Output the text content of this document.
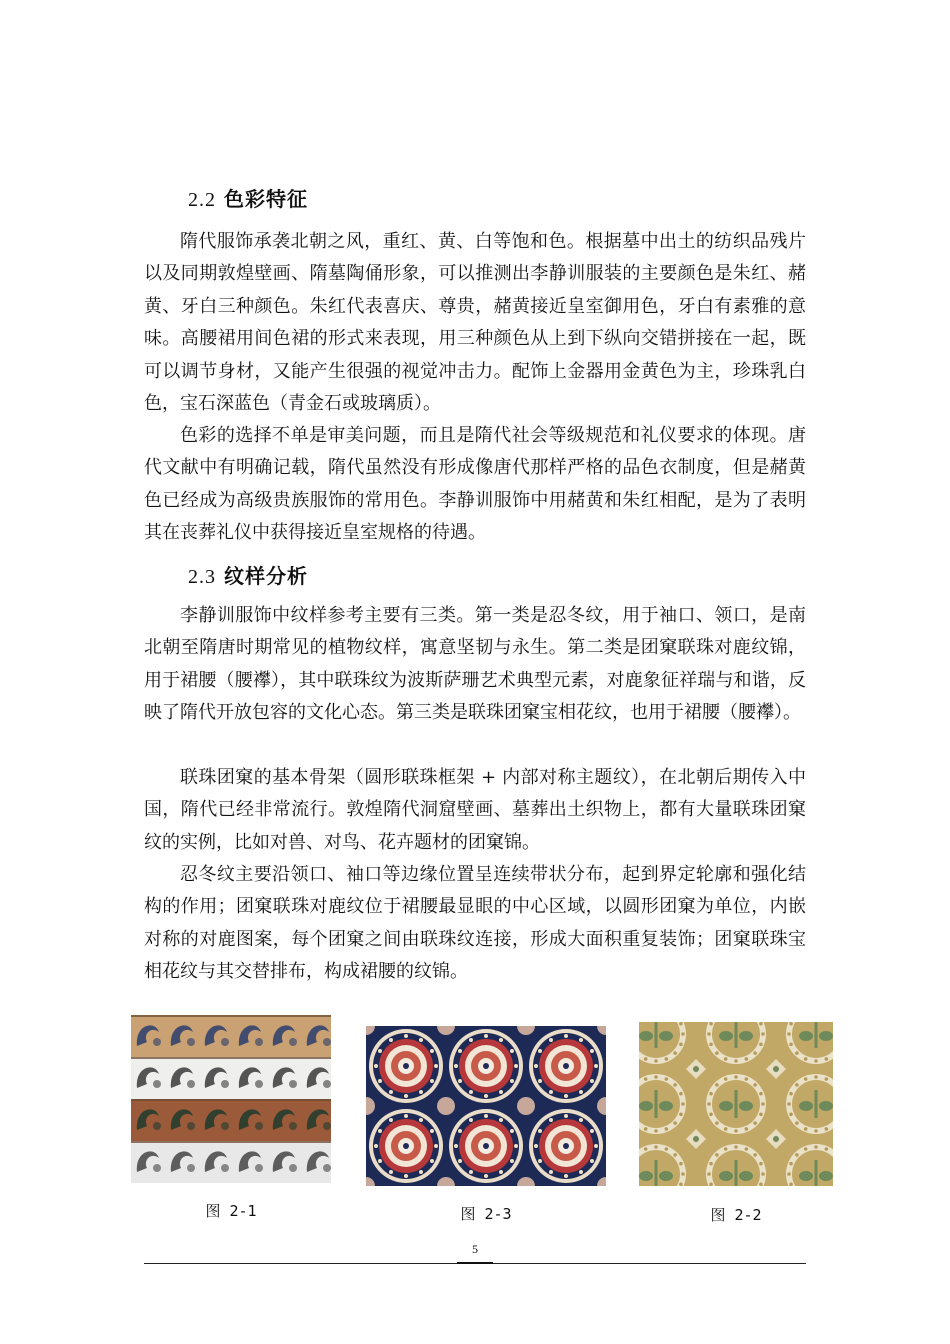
2.2 色彩特征

隋代服饰承袭北朝之风，重红、黄、白等饱和色。根据墓中出土的纺织品残片以及同期敦煌壁画、隋墓陶俑形象，可以推测出李静训服装的主要颜色是朱红、赭黄、牙白三种颜色。朱红代表喜庆、尊贵，赭黄接近皇室御用色，牙白有素雅的意味。高腰裙用间色裙的形式来表现，用三种颜色从上到下纵向交错拼接在一起，既可以调节身材，又能产生很强的视觉冲击力。配饰上金器用金黄色为主，珍珠乳白色，宝石深蓝色（青金石或玻璃质）。

色彩的选择不单是审美问题，而且是隋代社会等级规范和礼仪要求的体现。唐代文献中有明确记载，隋代虽然没有形成像唐代那样严格的品色衣制度，但是赭黄色已经成为高级贵族服饰的常用色。李静训服饰中用赭黄和朱红相配，是为了表明其在丧葬礼仪中获得接近皇室规格的待遇。

2.3 纹样分析

李静训服饰中纹样参考主要有三类。第一类是忍冬纹，用于袖口、领口，是南北朝至隋唐时期常见的植物纹样，寓意坚韧与永生。第二类是团窠联珠对鹿纹锦，用于裙腰（腰襻），其中联珠纹为波斯萨珊艺术典型元素，对鹿象征祥瑞与和谐，反映了隋代开放包容的文化心态。第三类是联珠团窠宝相花纹，也用于裙腰（腰襻）。

联珠团窠的基本骨架（圆形联珠框架 + 内部对称主题纹），在北朝后期传入中国，隋代已经非常流行。敦煌隋代洞窟壁画、墓葬出土织物上，都有大量联珠团窠纹的实例，比如对兽、对鸟、花卉题材的团窠锦。

忍冬纹主要沿领口、袖口等边缘位置呈连续带状分布，起到界定轮廓和强化结构的作用；团窠联珠对鹿纹位于裙腰最显眼的中心区域，以圆形团窠为单位，内嵌对称的对鹿图案，每个团窠之间由联珠纹连接，形成大面积重复装饰；团窠联珠宝相花纹与其交替排布，构成裙腰的纹锦。

图 2-1	图 2-3	图 2-2
5
